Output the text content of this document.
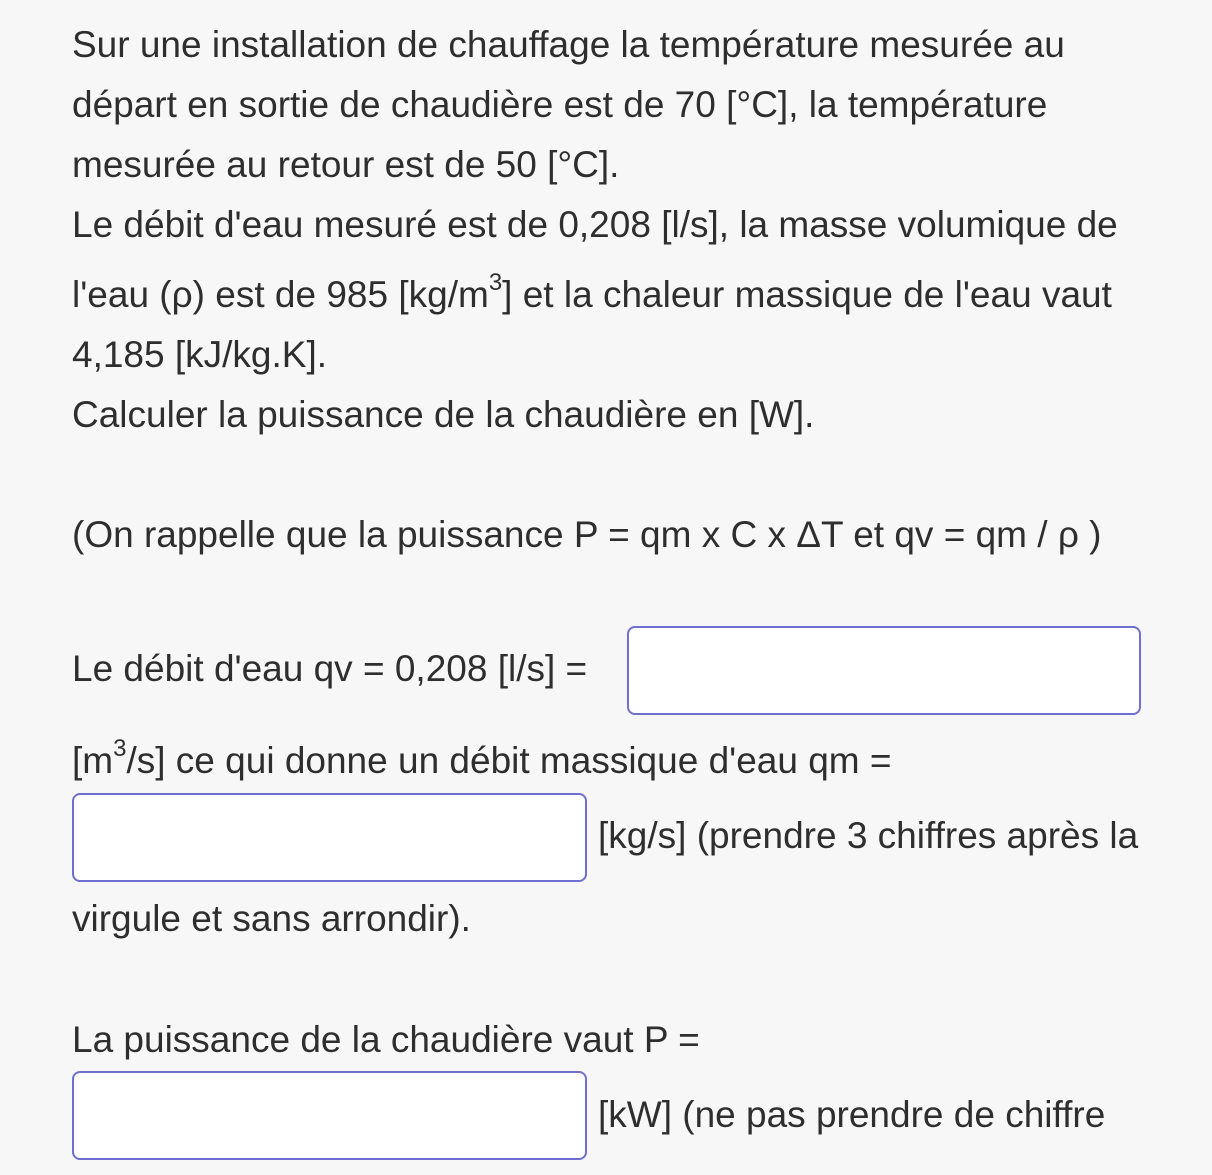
Sur une installation de chauffage la température mesurée au

départ en sortie de chaudière est de 70 [°C], la température

mesurée au retour est de 50 [°C].

Le débit d'eau mesuré est de 0,208 [l/s], la masse volumique de

l'eau (ρ) est de 985 $[kg/m^3]$ et la chaleur massique de l'eau vaut

4,185 [kJ/kg.K].

Calculer la puissance de la chaudière en [W].

(On rappelle que la puissance P = qm x C x ΔT et qv = qm / ρ )

Le débit d'eau qv = 0,208 [l/s] =

$[m^3/s]$ ce qui donne un débit massique d'eau qm =

[kg/s] (prendre 3 chiffres après la

virgule et sans arrondir).

La puissance de la chaudière vaut P =

[kW] (ne pas prendre de chiffre
